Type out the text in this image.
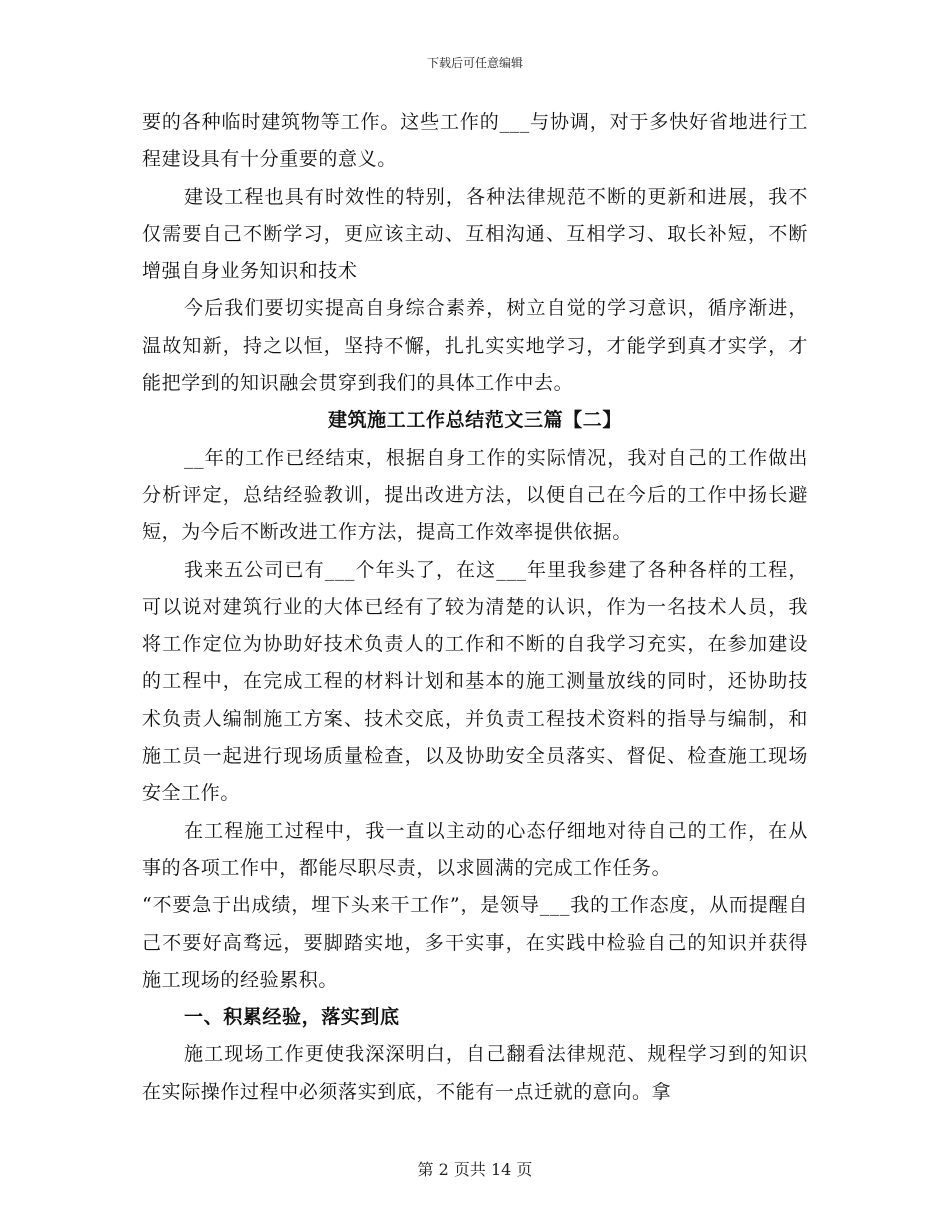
下载后可任意编辑

要的各种临时建筑物等工作。这些工作的___与协调，对于多快好省地进行工程建设具有十分重要的意义。

建设工程也具有时效性的特别，各种法律规范不断的更新和进展，我不仅需要自己不断学习，更应该主动、互相沟通、互相学习、取长补短，不断增强自身业务知识和技术

今后我们要切实提高自身综合素养，树立自觉的学习意识，循序渐进，温故知新，持之以恒，坚持不懈，扎扎实实地学习，才能学到真才实学，才能把学到的知识融会贯穿到我们的具体工作中去。

建筑施工工作总结范文三篇【二】

__年的工作已经结束，根据自身工作的实际情况，我对自己的工作做出分析评定，总结经验教训，提出改进方法，以便自己在今后的工作中扬长避短，为今后不断改进工作方法，提高工作效率提供依据。

我来五公司已有___个年头了，在这___年里我参建了各种各样的工程，可以说对建筑行业的大体已经有了较为清楚的认识，作为一名技术人员，我将工作定位为协助好技术负责人的工作和不断的自我学习充实，在参加建设的工程中，在完成工程的材料计划和基本的施工测量放线的同时，还协助技术负责人编制施工方案、技术交底，并负责工程技术资料的指导与编制，和施工员一起进行现场质量检查，以及协助安全员落实、督促、检查施工现场安全工作。

在工程施工过程中，我一直以主动的心态仔细地对待自己的工作，在从事的各项工作中，都能尽职尽责，以求圆满的完成工作任务。

“不要急于出成绩，埋下头来干工作”，是领导___我的工作态度，从而提醒自己不要好高骛远，要脚踏实地，多干实事，在实践中检验自己的知识并获得施工现场的经验累积。

一、积累经验，落实到底

施工现场工作更使我深深明白，自己翻看法律规范、规程学习到的知识在实际操作过程中必须落实到底，不能有一点迁就的意向。拿

第 2 页共 14 页
